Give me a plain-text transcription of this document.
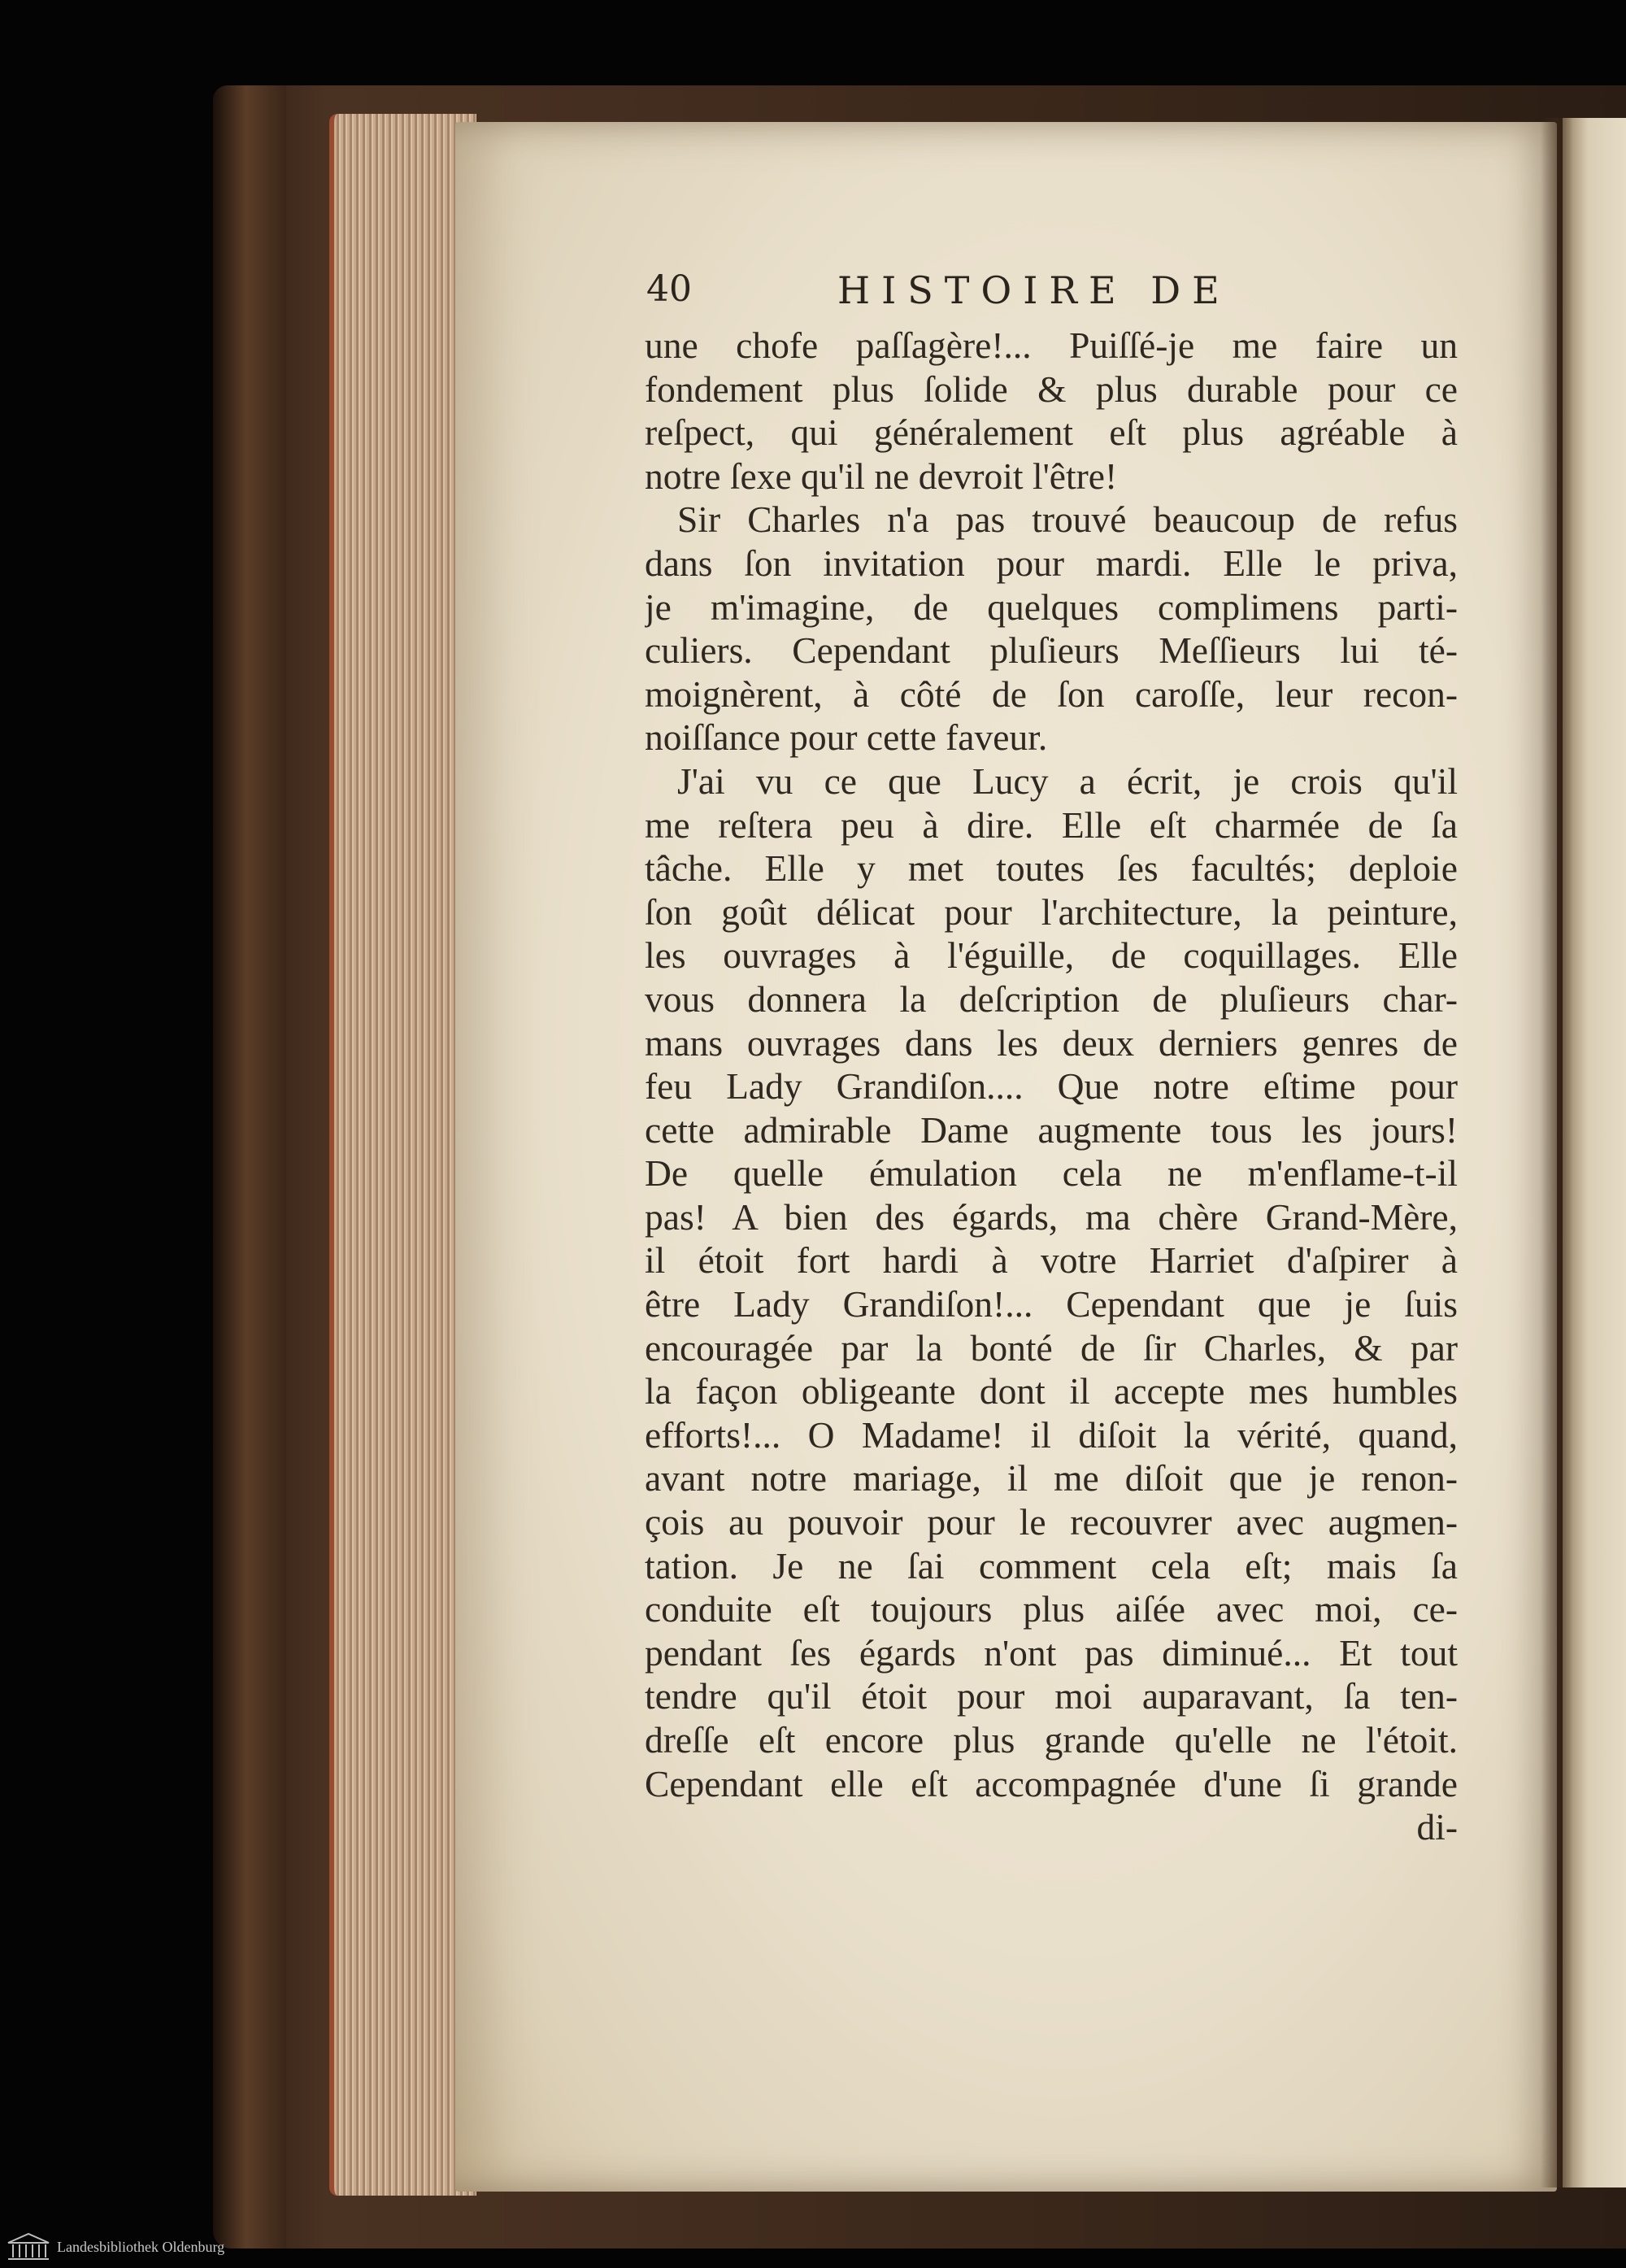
40	HISTOIRE DE
une chofe paſſagère!... Puiſſé-je me faire un
fondement plus ſolide & plus durable pour ce
reſpect, qui généralement eſt plus agréable à
notre ſexe qu'il ne devroit l'être!
Sir Charles n'a pas trouvé beaucoup de refus
dans ſon invitation pour mardi. Elle le priva,
je m'imagine, de quelques complimens parti-
culiers. Cependant pluſieurs Meſſieurs lui té-
moignèrent, à côté de ſon caroſſe, leur recon-
noiſſance pour cette faveur.
J'ai vu ce que Lucy a écrit, je crois qu'il
me reſtera peu à dire. Elle eſt charmée de ſa
tâche. Elle y met toutes ſes facultés; deploie
ſon goût délicat pour l'architecture, la peinture,
les ouvrages à l'éguille, de coquillages. Elle
vous donnera la deſcription de pluſieurs char-
mans ouvrages dans les deux derniers genres de
feu Lady Grandiſon.... Que notre eſtime pour
cette admirable Dame augmente tous les jours!
De quelle émulation cela ne m'enflame-t-il
pas! A bien des égards, ma chère Grand-Mère,
il étoit fort hardi à votre Harriet d'aſpirer à
être Lady Grandiſon!... Cependant que je ſuis
encouragée par la bonté de ſir Charles, & par
la façon obligeante dont il accepte mes humbles
efforts!... O Madame! il diſoit la vérité, quand,
avant notre mariage, il me diſoit que je renon-
çois au pouvoir pour le recouvrer avec augmen-
tation. Je ne ſai comment cela eſt; mais ſa
conduite eſt toujours plus aiſée avec moi, ce-
pendant ſes égards n'ont pas diminué... Et tout
tendre qu'il étoit pour moi auparavant, ſa ten-
dreſſe eſt encore plus grande qu'elle ne l'étoit.
Cependant elle eſt accompagnée d'une ſi grande
di-
Landesbibliothek Oldenburg
